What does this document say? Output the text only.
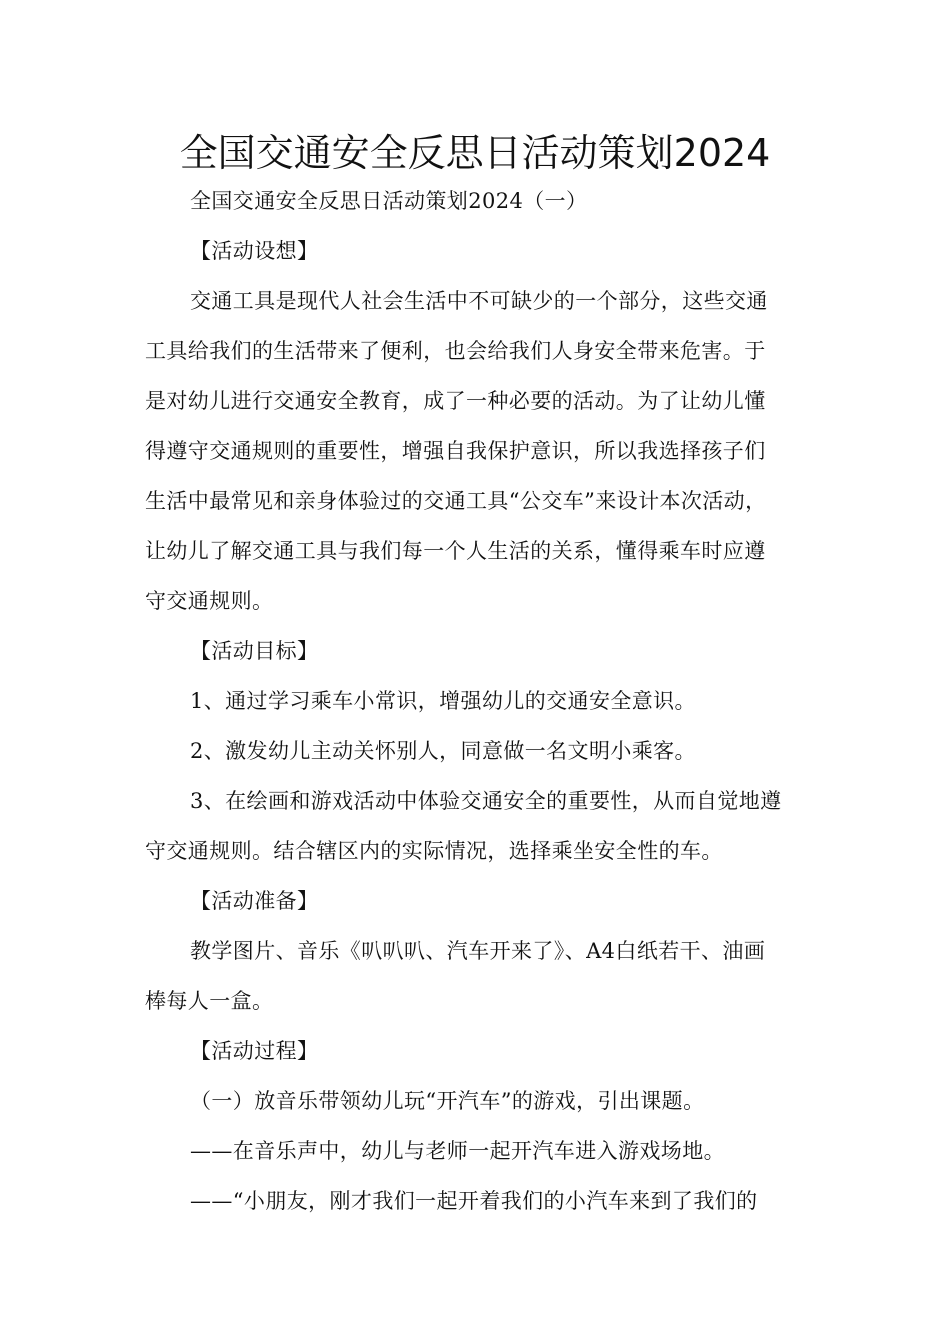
全国交通安全反思日活动策划2024
全国交通安全反思日活动策划2024（一）
【活动设想】
交通工具是现代人社会生活中不可缺少的一个部分，这些交通
工具给我们的生活带来了便利，也会给我们人身安全带来危害。于
是对幼儿进行交通安全教育，成了一种必要的活动。为了让幼儿懂
得遵守交通规则的重要性，增强自我保护意识，所以我选择孩子们
生活中最常见和亲身体验过的交通工具“公交车”来设计本次活动，
让幼儿了解交通工具与我们每一个人生活的关系，懂得乘车时应遵
守交通规则。
【活动目标】
1、通过学习乘车小常识，增强幼儿的交通安全意识。
2、激发幼儿主动关怀别人，同意做一名文明小乘客。
3、在绘画和游戏活动中体验交通安全的重要性，从而自觉地遵
守交通规则。结合辖区内的实际情况，选择乘坐安全性的车。
【活动准备】
教学图片、音乐《叭叭叭、汽车开来了》、A4白纸若干、油画
棒每人一盒。
【活动过程】
（一）放音乐带领幼儿玩“开汽车”的游戏，引出课题。
——在音乐声中，幼儿与老师一起开汽车进入游戏场地。
——“小朋友，刚才我们一起开着我们的小汽车来到了我们的
